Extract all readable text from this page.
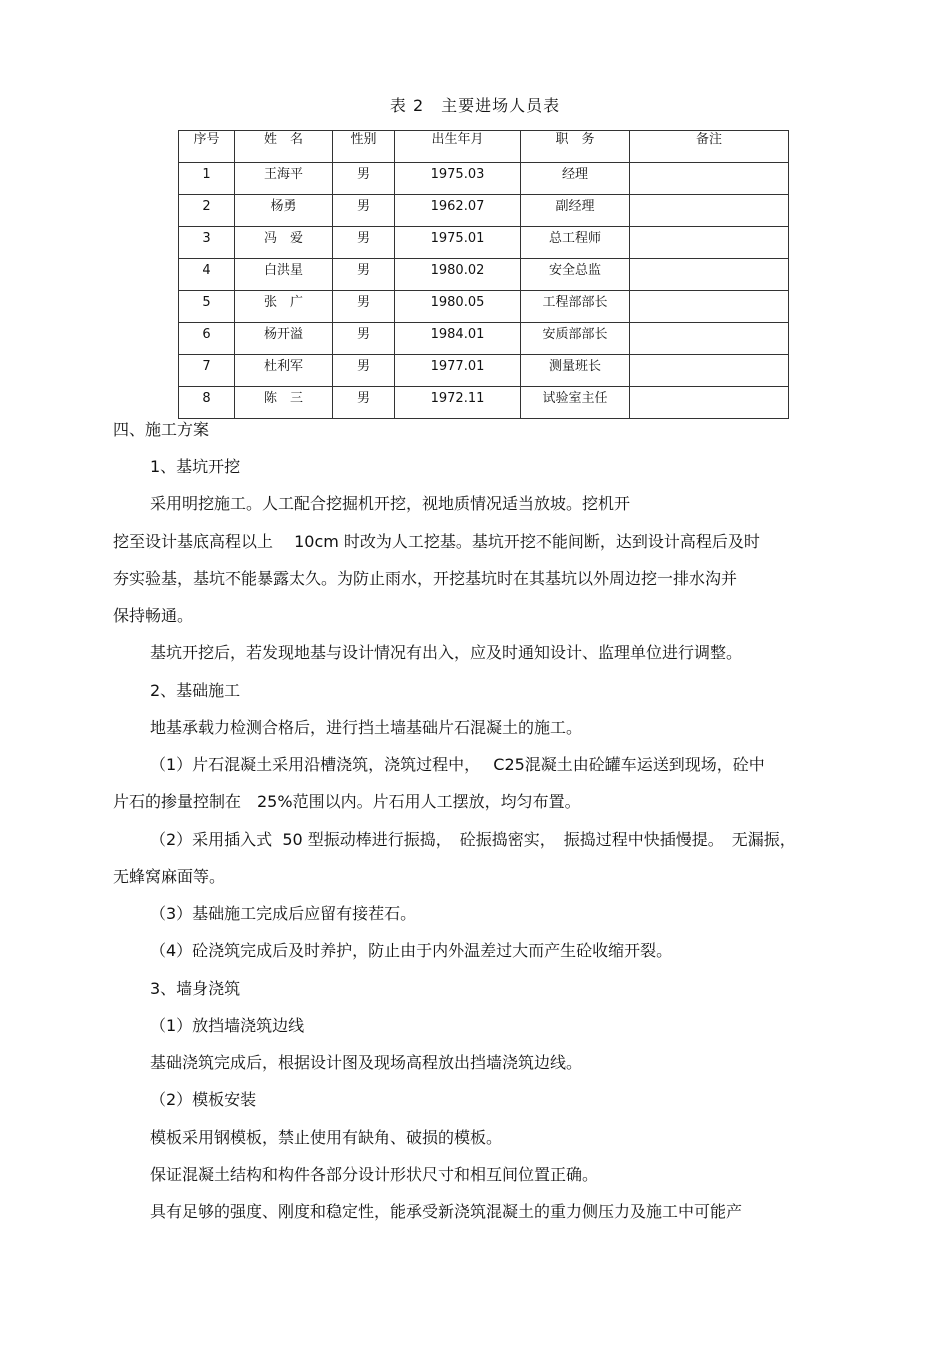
表 2　主要进场人员表
序号	姓　名	性别	出生年月	职　务	备注
1	王海平	男	1975.03	经理	
2	杨勇	男	1962.07	副经理	
3	冯　爱	男	1975.01	总工程师	
4	白洪星	男	1980.02	安全总监	
5	张　广	男	1980.05	工程部部长	
6	杨开溢	男	1984.01	安质部部长	
7	杜利军	男	1977.01	测量班长	
8	陈　三	男	1972.11	试验室主任	
四、施工方案
1、基坑开挖
采用明挖施工。人工配合挖掘机开挖，视地质情况适当放坡。挖机开
挖至设计基底高程以上　 10cm 时改为人工挖基。基坑开挖不能间断，达到设计高程后及时
夯实验基，基坑不能暴露太久。为防止雨水，开挖基坑时在其基坑以外周边挖一排水沟并
保持畅通。
基坑开挖后，若发现地基与设计情况有出入，应及时通知设计、监理单位进行调整。
2、基础施工
地基承载力检测合格后，进行挡土墙基础片石混凝土的施工。
（1）片石混凝土采用沿槽浇筑，浇筑过程中，　 C25混凝土由砼罐车运送到现场，砼中
片石的掺量控制在　25%范围以内。片石用人工摆放，均匀布置。
（2）采用插入式  50 型振动棒进行振捣，　砼振捣密实，　振捣过程中快插慢提。　无漏振，
无蜂窝麻面等。
（3）基础施工完成后应留有接茬石。
（4）砼浇筑完成后及时养护，防止由于内外温差过大而产生砼收缩开裂。
3、墙身浇筑
（1）放挡墙浇筑边线
基础浇筑完成后，根据设计图及现场高程放出挡墙浇筑边线。
（2）模板安装
模板采用钢模板，禁止使用有缺角、破损的模板。
保证混凝土结构和构件各部分设计形状尺寸和相互间位置正确。
具有足够的强度、刚度和稳定性，能承受新浇筑混凝土的重力侧压力及施工中可能产
